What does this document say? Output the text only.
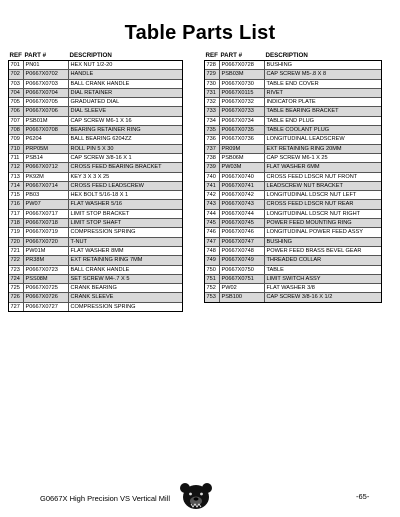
Table Parts List
REF PART #	DESCRIPTION
701	PN01	HEX NUT 1/2-20
702	P0667X0702	HANDLE
703	P0667X0703	BALL CRANK HANDLE
704	P0667X0704	DIAL RETAINER
705	P0667X0705	GRADUATED DIAL
706	P0667X0706	DIAL SLEEVE
707	PSB01M	CAP SCREW M6-1 X 16
708	P0667X0708	BEARING RETAINER RING
709	P6204	BALL BEARING 6204ZZ
710	PRP05M	ROLL PIN 5 X 30
711	PSB14	CAP SCREW 3/8-16 X 1
712	P0667X0712	CROSS FEED BEARING BRACKET
713	PK92M	KEY 3 X 3 X 25
714	P0667X0714	CROSS FEED LEADSCREW
715	PB03	HEX BOLT 5/16-18 X 1
716	PW07	FLAT WASHER 5/16
717	P0667X0717	LIMIT STOP BRACKET
718	P0667X0718	LIMIT STOP SHAFT
719	P0667X0719	COMPRESSION SPRING
720	P0667X0720	T-NUT
721	PW01M	FLAT WASHER 8MM
722	PR38M	EXT RETAINING RING 7MM
723	P0667X0723	BALL CRANK HANDLE
724	PSS08M	SET SCREW M4-.7 X 5
725	P0667X0725	CRANK BEARING
726	P0667X0726	CRANK SLEEVE
727	P0667X0727	COMPRESSION SPRING
REF PART #	DESCRIPTION
728	P0667X0728	BUSHING
729	PSB03M	CAP SCREW M5-.8 X 8
730	P0667X0730	TABLE END COVER
731	P0667X0115	RIVET
732	P0667X0732	INDICATOR PLATE
733	P0667X0733	TABLE BEARING BRACKET
734	P0667X0734	TABLE END PLUG
735	P0667X0735	TABLE COOLANT PLUG
736	P0667X0736	LONGITUDINAL LEADSCREW
737	PR09M	EXT RETAINING RING 20MM
738	PSB06M	CAP SCREW M6-1 X 25
739	PW03M	FLAT WASHER 6MM
740	P0667X0740	CROSS FEED LDSCR NUT FRONT
741	P0667X0741	LEADSCREW NUT BRACKET
742	P0667X0742	LONGITUDINAL LDSCR NUT LEFT
743	P0667X0743	CROSS FEED LDSCR NUT REAR
744	P0667X0744	LONGITUDINAL LDSCR NUT RIGHT
745	P0667X0745	POWER FEED MOUNTING RING
746	P0667X0746	LONGITUDINAL POWER FEED ASSY
747	P0667X0747	BUSHING
748	P0667X0748	POWER FEED BRASS BEVEL GEAR
749	P0667X0749	THREADED COLLAR
750	P0667X0750	TABLE
751	P0667X0751	LIMIT SWITCH ASSY
752	PW02	FLAT WASHER 3/8
753	PSB100	CAP SCREW 3/8-16 X 1/2
G0667X High Precision VS Vertical Mill	-65-
